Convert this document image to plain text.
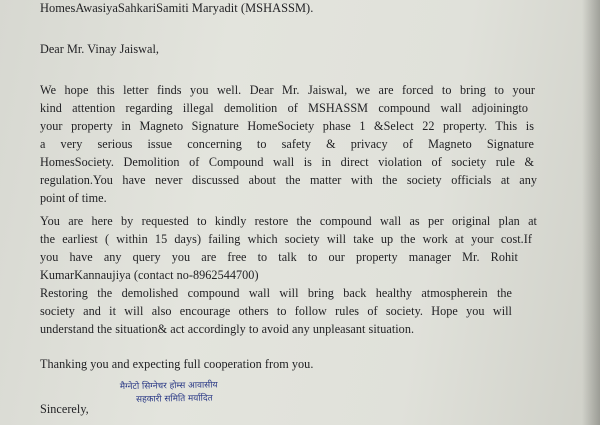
HomesAwasiyaSahkariSamiti Maryadit (MSHASSM).
Dear Mr. Vinay Jaiswal,
We hope this letter finds you well. Dear Mr. Jaiswal, we are forced to bring to your
kind attention regarding illegal demolition of MSHASSM compound wall adjoiningto
your property in Magneto Signature HomeSociety phase 1 &Select 22 property. This is
a very serious issue concerning to safety & privacy of Magneto Signature
HomesSociety. Demolition of Compound wall is in direct violation of society rule &
regulation.You have never discussed about the matter with the society officials at any
point of time.
You are here by requested to kindly restore the compound wall as per original plan at
the earliest ( within 15 days) failing which society will take up the work at your cost.If
you have any query you are free to talk to our property manager Mr. Rohit
KumarKannaujiya (contact no-8962544700)
Restoring the demolished compound wall will bring back healthy atmospherein the
society and it will also encourage others to follow rules of society. Hope you will
understand the situation& act accordingly to avoid any unpleasant situation.
Thanking you and expecting full cooperation from you.
Sincerely,
मैग्नेटो सिग्नेचर होम्स आवासीय
सहकारी समिति मर्यादित
